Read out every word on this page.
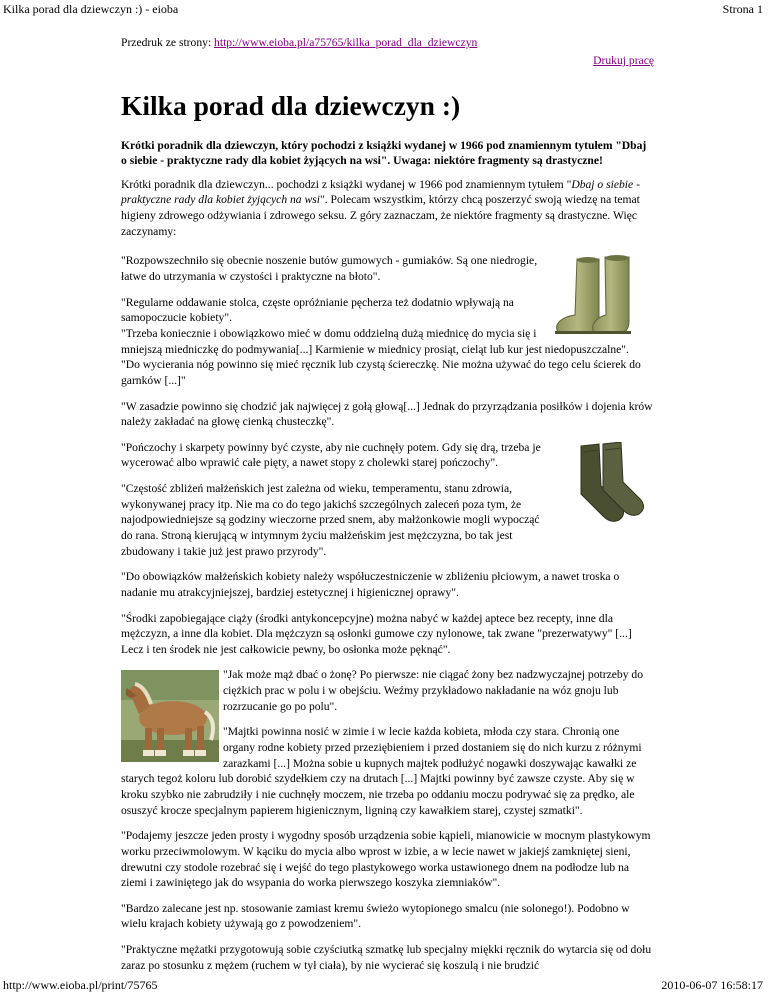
Kilka porad dla dziewczyn :) - eioba	Strona 1

Przedruk ze strony: http://www.eioba.pl/a75765/kilka_porad_dla_dziewczyn

Drukuj pracę
Kilka porad dla dziewczyn :)

Krótki poradnik dla dziewczyn, który pochodzi z książki wydanej w 1966 pod znamiennym tytułem "Dbaj o siebie - praktyczne rady dla kobiet żyjących na wsi". Uwaga: niektóre fragmenty są drastyczne!

Krótki poradnik dla dziewczyn... pochodzi z książki wydanej w 1966 pod znamiennym tytułem "Dbaj o siebie - praktyczne rady dla kobiet żyjących na wsi". Polecam wszystkim, którzy chcą poszerzyć swoją wiedzę na temat higieny zdrowego odżywiania i zdrowego seksu. Z góry zaznaczam, że niektóre fragmenty są drastyczne. Więc zaczynamy:

"Rozpowszechniło się obecnie noszenie butów gumowych - gumiaków. Są one niedrogie, łatwe do utrzymania w czystości i praktyczne na błoto".

"Regularne oddawanie stolca, częste opróżnianie pęcherza też dodatnio wpływają na samopoczucie kobiety".
"Trzeba koniecznie i obowiązkowo mieć w domu oddzielną dużą miednicę do mycia się i mniejszą miedniczkę do podmywania[...] Karmienie w miednicy prosiąt, cieląt lub kur jest niedopuszczalne".
"Do wycierania nóg powinno się mieć ręcznik lub czystą ściereczkę. Nie można używać do tego celu ścierek do garnków [...]"

"W zasadzie powinno się chodzić jak najwięcej z gołą głową[...] Jednak do przyrządzania posiłków i dojenia krów należy zakładać na głowę cienką chusteczkę".

"Pończochy i skarpety powinny być czyste, aby nie cuchnęły potem. Gdy się drą, trzeba je wycerować albo wprawić całe pięty, a nawet stopy z cholewki starej pończochy".

"Częstość zbliżeń małżeńskich jest zależna od wieku, temperamentu, stanu zdrowia, wykonywanej pracy itp. Nie ma co do tego jakichś szczególnych zaleceń poza tym, że najodpowiedniejsze są godziny wieczorne przed snem, aby małżonkowie mogli wypocząć do rana. Stroną kierującą w intymnym życiu małżeńskim jest mężczyzna, bo tak jest zbudowany i takie już jest prawo przyrody".

"Do obowiązków małżeńskich kobiety należy współuczestniczenie w zbliżeniu płciowym, a nawet troska o nadanie mu atrakcyjniejszej, bardziej estetycznej i higienicznej oprawy".

"Środki zapobiegające ciąży (środki antykoncepcyjne) można nabyć w każdej aptece bez recepty, inne dla mężczyzn, a inne dla kobiet. Dla mężczyzn są osłonki gumowe czy nylonowe, tak zwane "prezerwatywy" [...] Lecz i ten środek nie jest całkowicie pewny, bo osłonka może pęknąć".

"Jak może mąż dbać o żonę? Po pierwsze: nie ciągać żony bez nadzwyczajnej potrzeby do ciężkich prac w polu i w obejściu. Weźmy przykładowo nakładanie na wóz gnoju lub rozrzucanie go po polu".

"Majtki powinna nosić w zimie i w lecie każda kobieta, młoda czy stara. Chronią one organy rodne kobiety przed przeziębieniem i przed dostaniem się do nich kurzu z różnymi zarazkami [...] Można sobie u kupnych majtek podłużyć nogawki doszywając kawałki ze starych tegoż koloru lub dorobić szydełkiem czy na drutach [...] Majtki powinny być zawsze czyste. Aby się w kroku szybko nie zabrudziły i nie cuchnęły moczem, nie trzeba po oddaniu moczu podrywać się za prędko, ale osuszyć krocze specjalnym papierem higienicznym, ligniną czy kawałkiem starej, czystej szmatki".

"Podajemy jeszcze jeden prosty i wygodny sposób urządzenia sobie kąpieli, mianowicie w mocnym plastykowym worku przeciwmolowym. W kąciku do mycia albo wprost w izbie, a w lecie nawet w jakiejś zamkniętej sieni, drewutni czy stodole rozebrać się i wejść do tego plastykowego worka ustawionego dnem na podłodze lub na ziemi i zawiniętego jak do wsypania do worka pierwszego koszyka ziemniaków".

"Bardzo zalecane jest np. stosowanie zamiast kremu świeżo wytopionego smalcu (nie solonego!). Podobno w wielu krajach kobiety używają go z powodzeniem".

"Praktyczne mężatki przygotowują sobie czyściutką szmatkę lub specjalny miękki ręcznik do wytarcia się od dołu zaraz po stosunku z mężem (ruchem w tył ciała), by nie wycierać się koszulą i nie brudzić

http://www.eioba.pl/print/75765	2010-06-07 16:58:17
